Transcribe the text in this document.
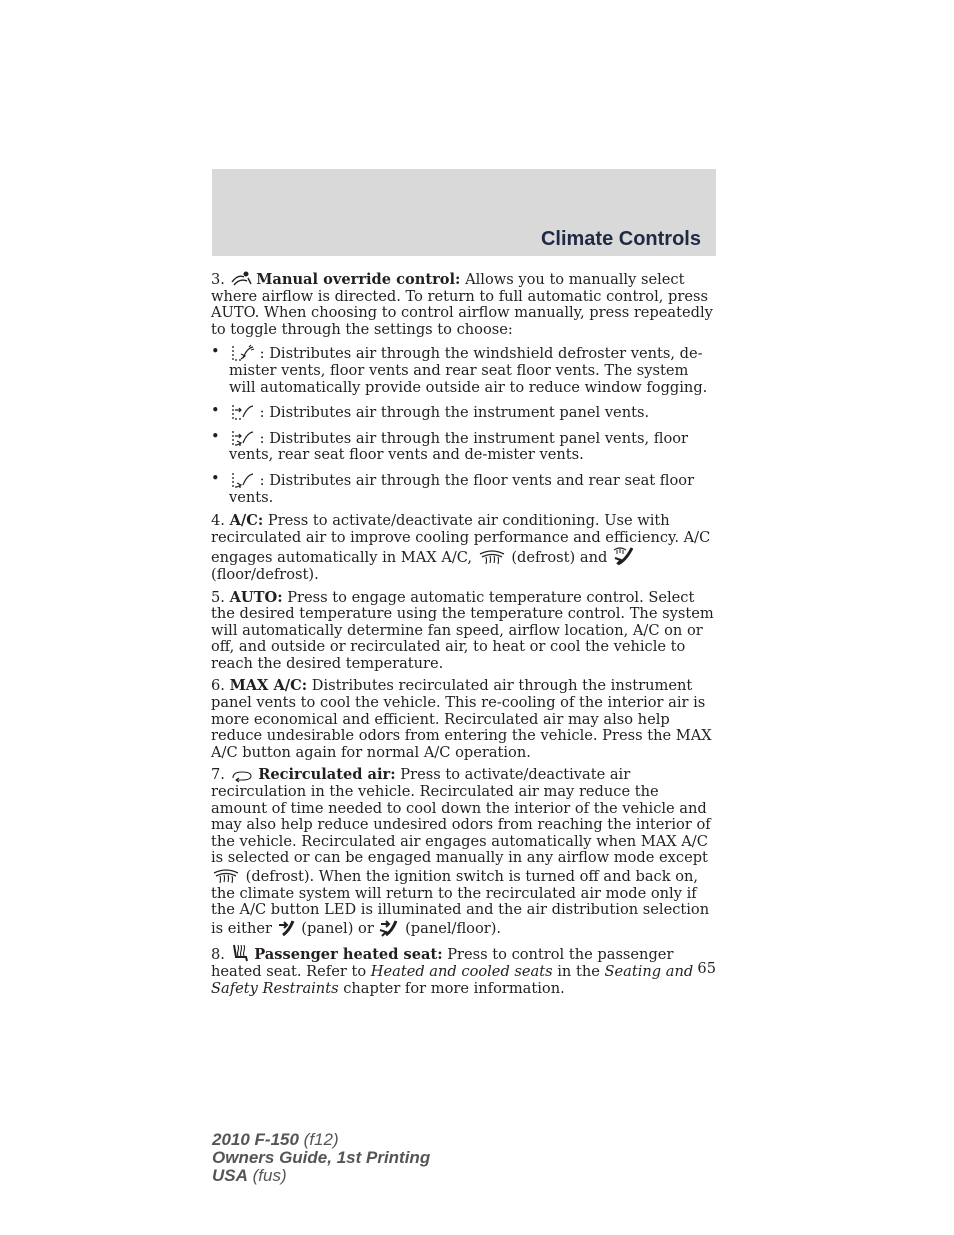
Climate Controls

3. Manual override control: Allows you to manually select where airflow is directed. To return to full automatic control, press AUTO. When choosing to control airflow manually, press repeatedly to toggle through the settings to choose:

• : Distributes air through the windshield defroster vents, de-mister vents, floor vents and rear seat floor vents. The system will automatically provide outside air to reduce window fogging.
• : Distributes air through the instrument panel vents.
• : Distributes air through the instrument panel vents, floor vents, rear seat floor vents and de-mister vents.
• : Distributes air through the floor vents and rear seat floor vents.

4. A/C: Press to activate/deactivate air conditioning. Use with recirculated air to improve cooling performance and efficiency. A/C engages automatically in MAX A/C,  (defrost) and
(floor/defrost).

5. AUTO: Press to engage automatic temperature control. Select the desired temperature using the temperature control. The system will automatically determine fan speed, airflow location, A/C on or off, and outside or recirculated air, to heat or cool the vehicle to reach the desired temperature.

6. MAX A/C: Distributes recirculated air through the instrument panel vents to cool the vehicle. This re-cooling of the interior air is more economical and efficient. Recirculated air may also help reduce undesirable odors from entering the vehicle. Press the MAX A/C button again for normal A/C operation.

7. Recirculated air: Press to activate/deactivate air recirculation in the vehicle. Recirculated air may reduce the amount of time needed to cool down the interior of the vehicle and may also help reduce undesired odors from reaching the interior of the vehicle. Recirculated air engages automatically when MAX A/C is selected or can be engaged manually in any airflow mode except  (defrost). When the ignition switch is turned off and back on, the climate system will return to the recirculated air mode only if the A/C button LED is illuminated and the air distribution selection is either  (panel) or  (panel/floor).

8. Passenger heated seat: Press to control the passenger heated seat. Refer to Heated and cooled seats in the Seating and Safety Restraints chapter for more information.

65
2010 F-150 (f12)
Owners Guide, 1st Printing
USA (fus)
